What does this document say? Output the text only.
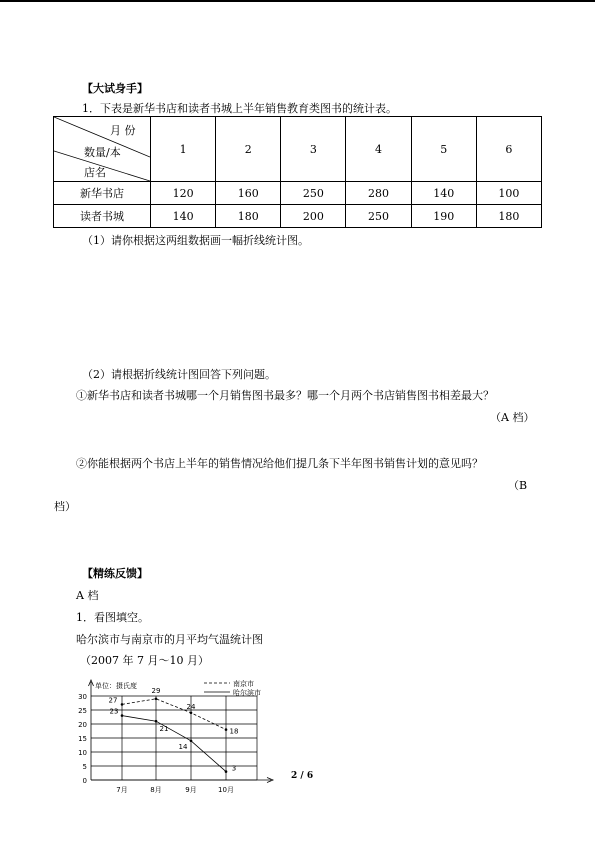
【大试身手】
1．下表是新华书店和读者书城上半年销售教育类图书的统计表。
月 份
数量/本
店名	1	2	3	4	5	6
新华书店	120	160	250	280	140	100
读者书城	140	180	200	250	190	180
（1）请你根据这两组数据画一幅折线统计图。
（2）请根据折线统计图回答下列问题。
①新华书店和读者书城哪一个月销售图书最多？哪一个月两个书店销售图书相差最大？
（A 档）
②你能根据两个书店上半年的销售情况给他们提几条下半年图书销售计划的意见吗？
（B
档）
【精练反馈】
A 档
1．看图填空。
哈尔滨市与南京市的月平均气温统计图
（2007 年 7 月～10 月）
0
5
10
15
20
25
30
单位：摄氏度
7月	8月	9月	10月
南京市
哈尔滨市
27
29
24
18
23
21
14
3
2 / 6
